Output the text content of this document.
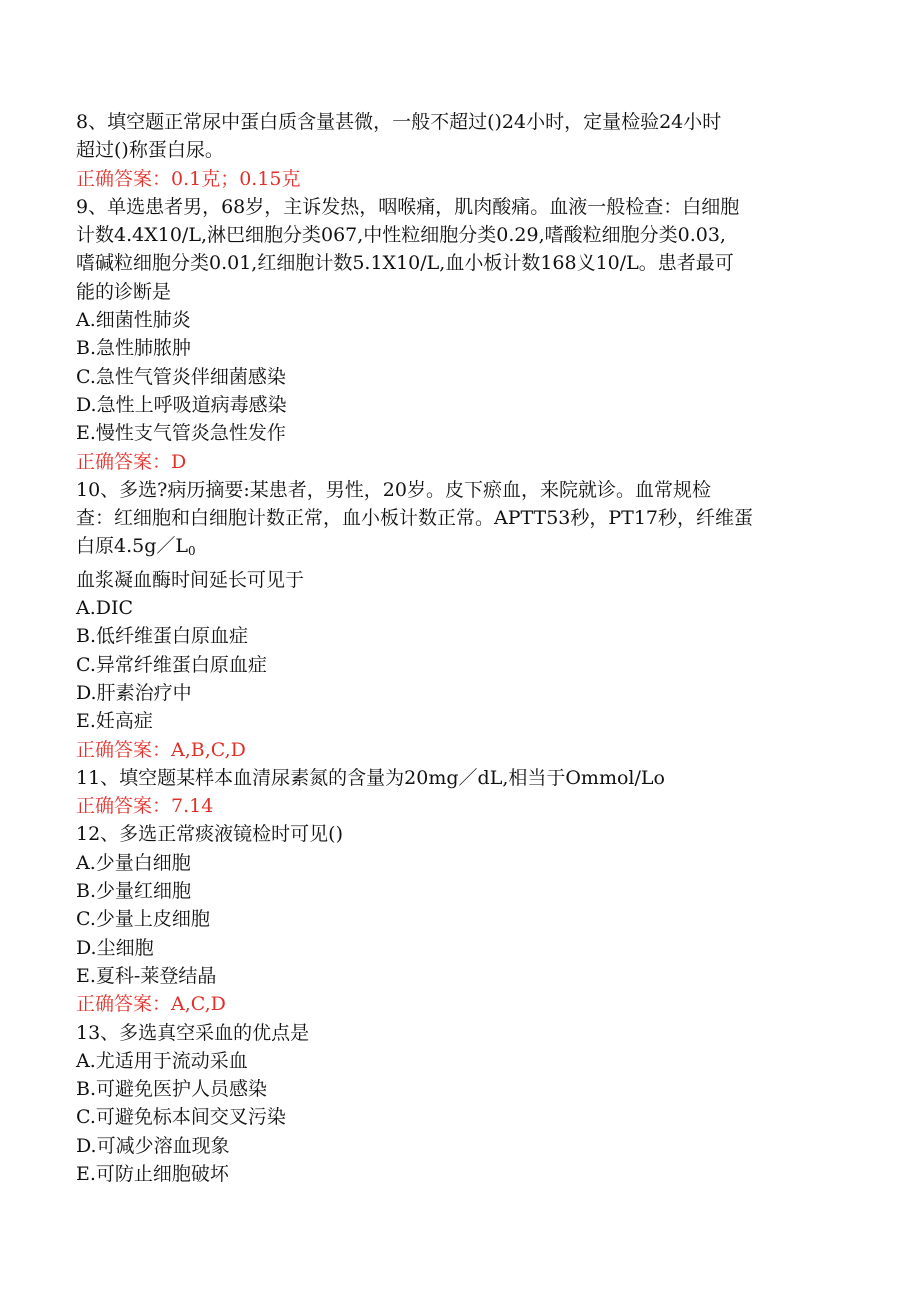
8、填空题正常尿中蛋白质含量甚微，一般不超过()24小时，定量检验24小时
超过()称蛋白尿。
正确答案：0.1克；0.15克
9、单选患者男，68岁，主诉发热，咽喉痛，肌肉酸痛。血液一般检查：白细胞
计数4.4X10/L,淋巴细胞分类067,中性粒细胞分类0.29,嗜酸粒细胞分类0.03,
嗜碱粒细胞分类0.01,红细胞计数5.1X10/L,血小板计数168义10/L。患者最可
能的诊断是
A.细菌性肺炎
B.急性肺脓肿
C.急性气管炎伴细菌感染
D.急性上呼吸道病毒感染
E.慢性支气管炎急性发作
正确答案：D
10、多选?病历摘要:某患者，男性，20岁。皮下瘀血，来院就诊。血常规检
查：红细胞和白细胞计数正常，血小板计数正常。APTT53秒，PT17秒，纤维蛋
白原$4.5g/L_0$
血浆凝血酶时间延长可见于
A.DIC
B.低纤维蛋白原血症
C.异常纤维蛋白原血症
D.肝素治疗中
E.妊高症
正确答案：A,B,C,D
11、填空题某样本血清尿素氮的含量为20mg／dL,相当于Ommol/Lo
正确答案：7.14
12、多选正常痰液镜检时可见()
A.少量白细胞
B.少量红细胞
C.少量上皮细胞
D.尘细胞
E.夏科-莱登结晶
正确答案：A,C,D
13、多选真空采血的优点是
A.尤适用于流动采血
B.可避免医护人员感染
C.可避免标本间交叉污染
D.可减少溶血现象
E.可防止细胞破坏
